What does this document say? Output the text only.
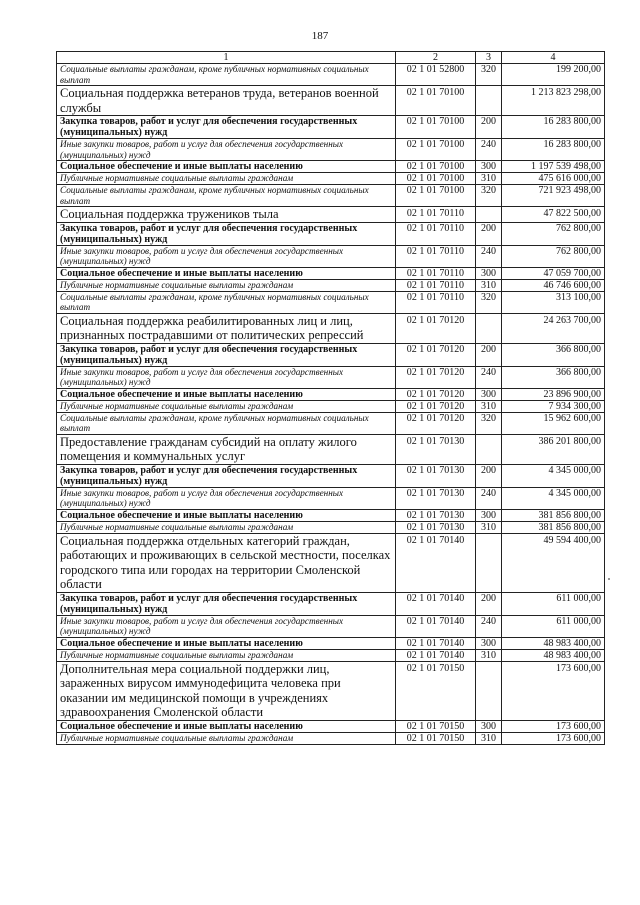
187
1	2	3	4
Социальные выплаты гражданам, кроме публичных нормативных социальных выплат	02 1 01 52800	320	199 200,00
Социальная поддержка ветеранов труда, ветеранов военной службы	02 1 01 70100		1 213 823 298,00
Закупка товаров, работ и услуг для обеспечения государственных (муниципальных) нужд	02 1 01 70100	200	16 283 800,00
Иные закупки товаров, работ и услуг для обеспечения государственных (муниципальных) нужд	02 1 01 70100	240	16 283 800,00
Социальное обеспечение и иные выплаты населению	02 1 01 70100	300	1 197 539 498,00
Публичные нормативные социальные выплаты гражданам	02 1 01 70100	310	475 616 000,00
Социальные выплаты гражданам, кроме публичных нормативных социальных выплат	02 1 01 70100	320	721 923 498,00
Социальная поддержка тружеников тыла	02 1 01 70110		47 822 500,00
Закупка товаров, работ и услуг для обеспечения государственных (муниципальных) нужд	02 1 01 70110	200	762 800,00
Иные закупки товаров, работ и услуг для обеспечения государственных (муниципальных) нужд	02 1 01 70110	240	762 800,00
Социальное обеспечение и иные выплаты населению	02 1 01 70110	300	47 059 700,00
Публичные нормативные социальные выплаты гражданам	02 1 01 70110	310	46 746 600,00
Социальные выплаты гражданам, кроме публичных нормативных социальных выплат	02 1 01 70110	320	313 100,00
Социальная поддержка реабилитированных лиц и лиц, признанных пострадавшими от политических репрессий	02 1 01 70120		24 263 700,00
Закупка товаров, работ и услуг для обеспечения государственных (муниципальных) нужд	02 1 01 70120	200	366 800,00
Иные закупки товаров, работ и услуг для обеспечения государственных (муниципальных) нужд	02 1 01 70120	240	366 800,00
Социальное обеспечение и иные выплаты населению	02 1 01 70120	300	23 896 900,00
Публичные нормативные социальные выплаты гражданам	02 1 01 70120	310	7 934 300,00
Социальные выплаты гражданам, кроме публичных нормативных социальных выплат	02 1 01 70120	320	15 962 600,00
Предоставление гражданам субсидий на оплату жилого помещения и коммунальных услуг	02 1 01 70130		386 201 800,00
Закупка товаров, работ и услуг для обеспечения государственных (муниципальных) нужд	02 1 01 70130	200	4 345 000,00
Иные закупки товаров, работ и услуг для обеспечения государственных (муниципальных) нужд	02 1 01 70130	240	4 345 000,00
Социальное обеспечение и иные выплаты населению	02 1 01 70130	300	381 856 800,00
Публичные нормативные социальные выплаты гражданам	02 1 01 70130	310	381 856 800,00
Социальная поддержка отдельных категорий граждан, работающих и проживающих в сельской местности, поселках городского типа или городах на территории Смоленской области	02 1 01 70140		49 594 400,00
Закупка товаров, работ и услуг для обеспечения государственных (муниципальных) нужд	02 1 01 70140	200	611 000,00
Иные закупки товаров, работ и услуг для обеспечения государственных (муниципальных) нужд	02 1 01 70140	240	611 000,00
Социальное обеспечение и иные выплаты населению	02 1 01 70140	300	48 983 400,00
Публичные нормативные социальные выплаты гражданам	02 1 01 70140	310	48 983 400,00
Дополнительная мера социальной поддержки лиц, зараженных вирусом иммунодефицита человека при оказании им медицинской помощи в учреждениях здравоохранения Смоленской области	02 1 01 70150		173 600,00
Социальное обеспечение и иные выплаты населению	02 1 01 70150	300	173 600,00
Публичные нормативные социальные выплаты гражданам	02 1 01 70150	310	173 600,00
